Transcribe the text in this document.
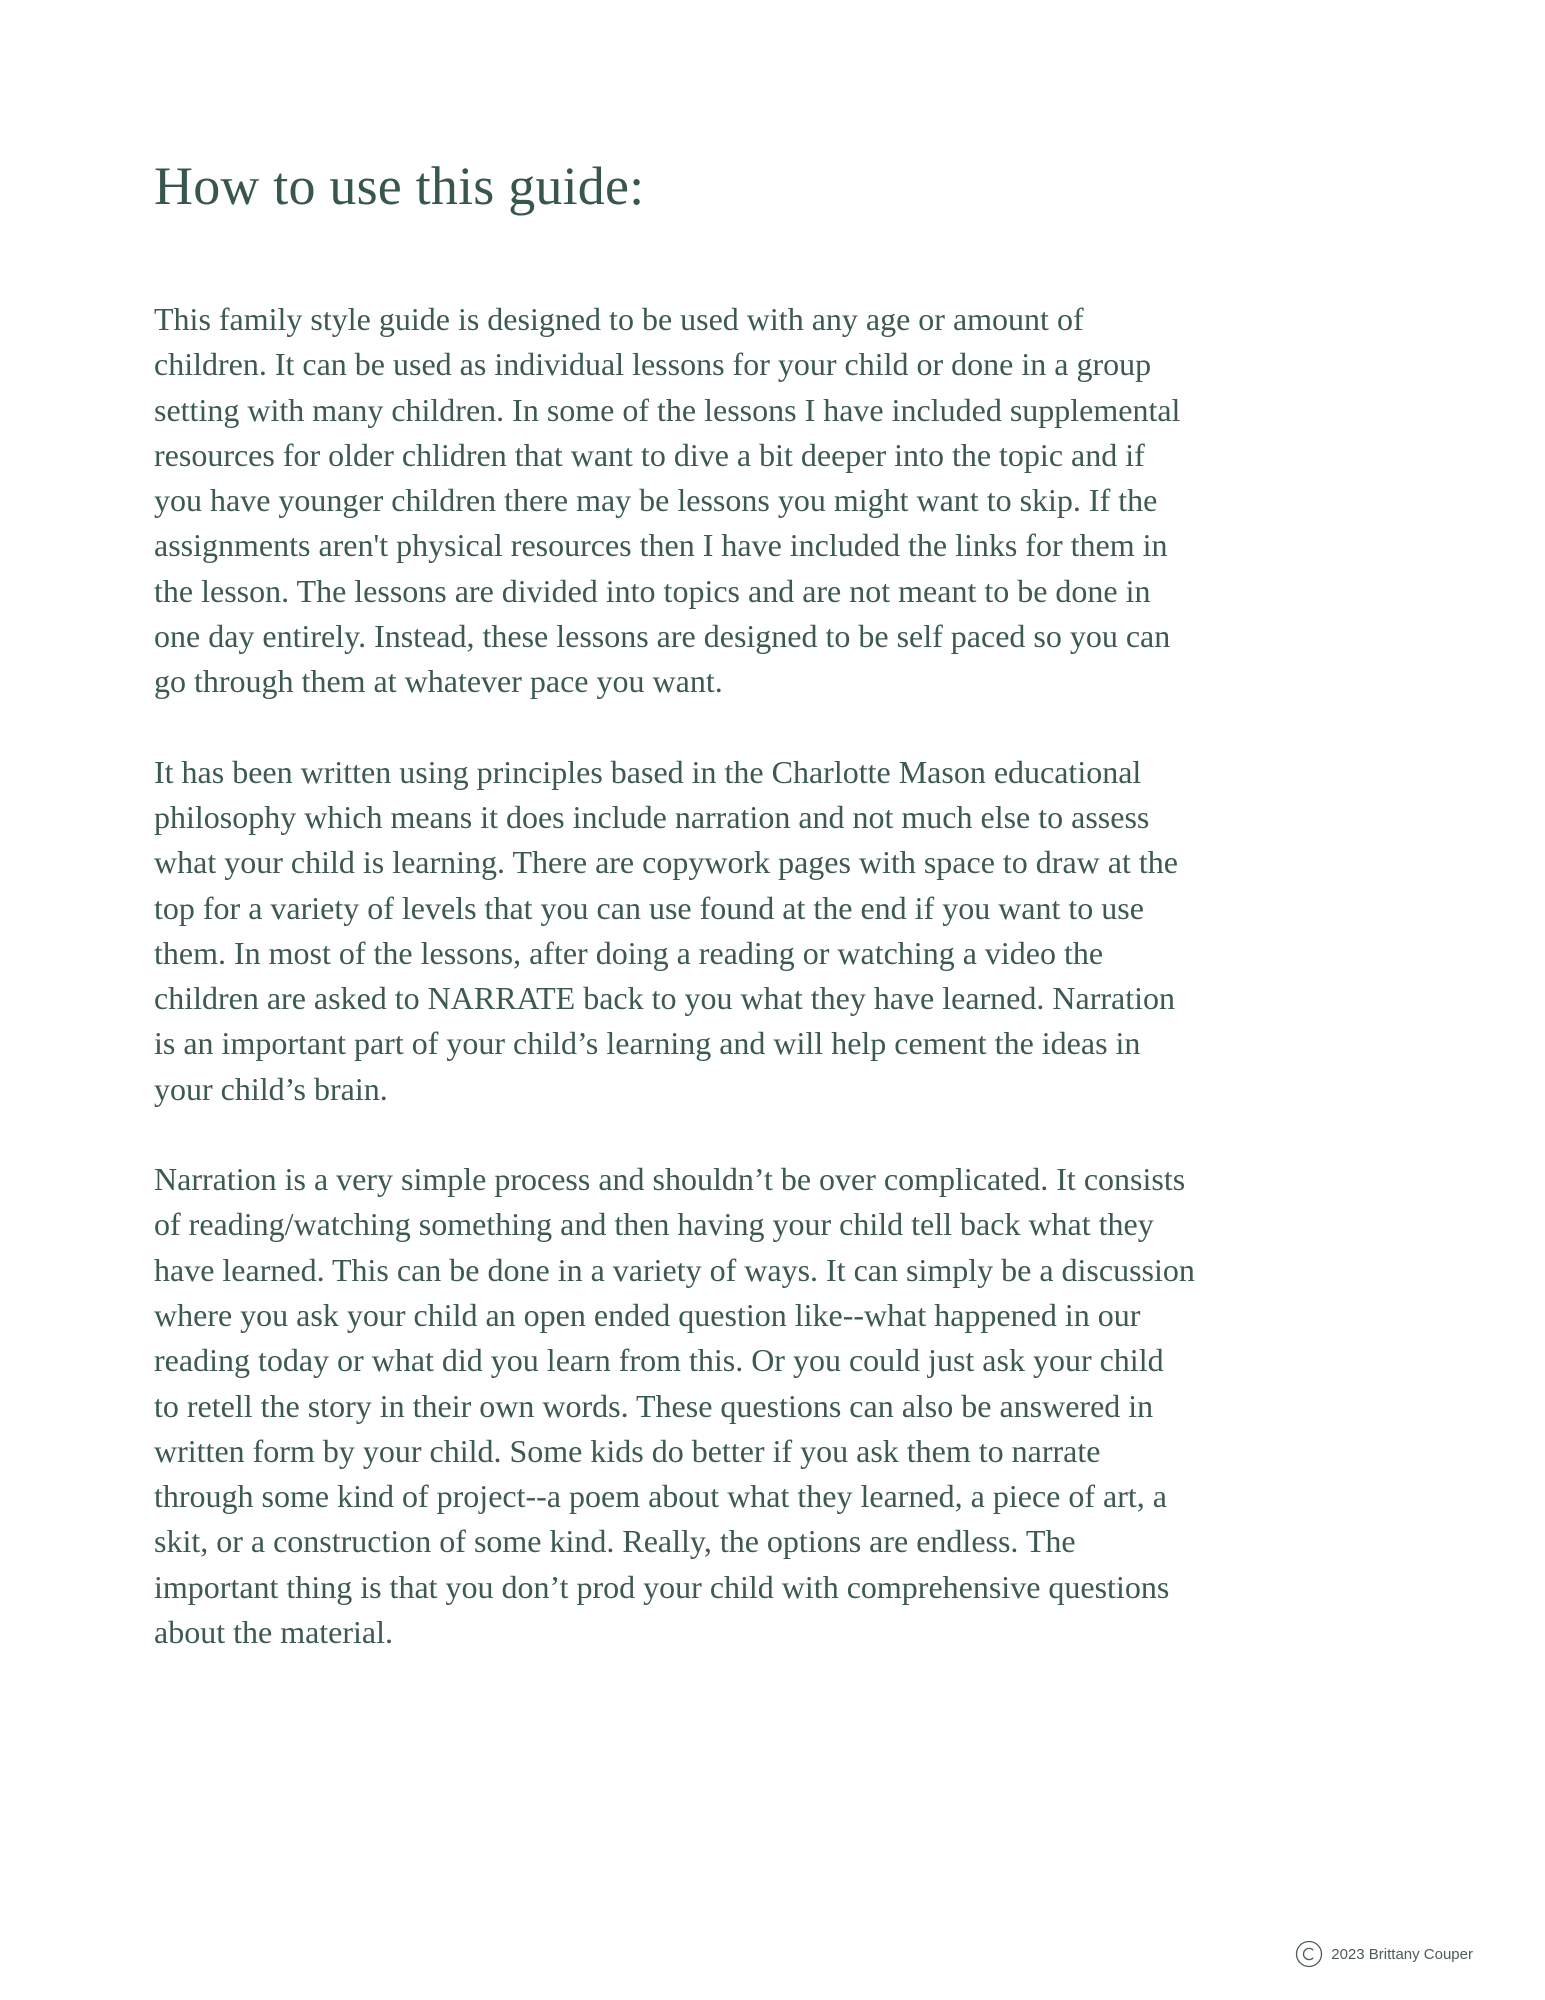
How to use this guide:

This family style guide is designed to be used with any age or amount of
children. It can be used as individual lessons for your child or done in a group
setting with many children. In some of the lessons I have included supplemental
resources for older chlidren that want to dive a bit deeper into the topic and if
you have younger children there may be lessons you might want to skip. If the
assignments aren't physical resources then I have included the links for them in
the lesson. The lessons are divided into topics and are not meant to be done in
one day entirely. Instead, these lessons are designed to be self paced so you can
go through them at whatever pace you want.

It has been written using principles based in the Charlotte Mason educational
philosophy which means it does include narration and not much else to assess
what your child is learning. There are copywork pages with space to draw at the
top for a variety of levels that you can use found at the end if you want to use
them. In most of the lessons, after doing a reading or watching a video the
children are asked to NARRATE back to you what they have learned. Narration
is an important part of your child’s learning and will help cement the ideas in
your child’s brain.

Narration is a very simple process and shouldn’t be over complicated. It consists
of reading/watching something and then having your child tell back what they
have learned. This can be done in a variety of ways. It can simply be a discussion
where you ask your child an open ended question like--what happened in our
reading today or what did you learn from this. Or you could just ask your child
to retell the story in their own words. These questions can also be answered in
written form by your child. Some kids do better if you ask them to narrate
through some kind of project--a poem about what they learned, a piece of art, a
skit, or a construction of some kind. Really, the options are endless. The
important thing is that you don’t prod your child with comprehensive questions
about the material.

2023 Brittany Couper
